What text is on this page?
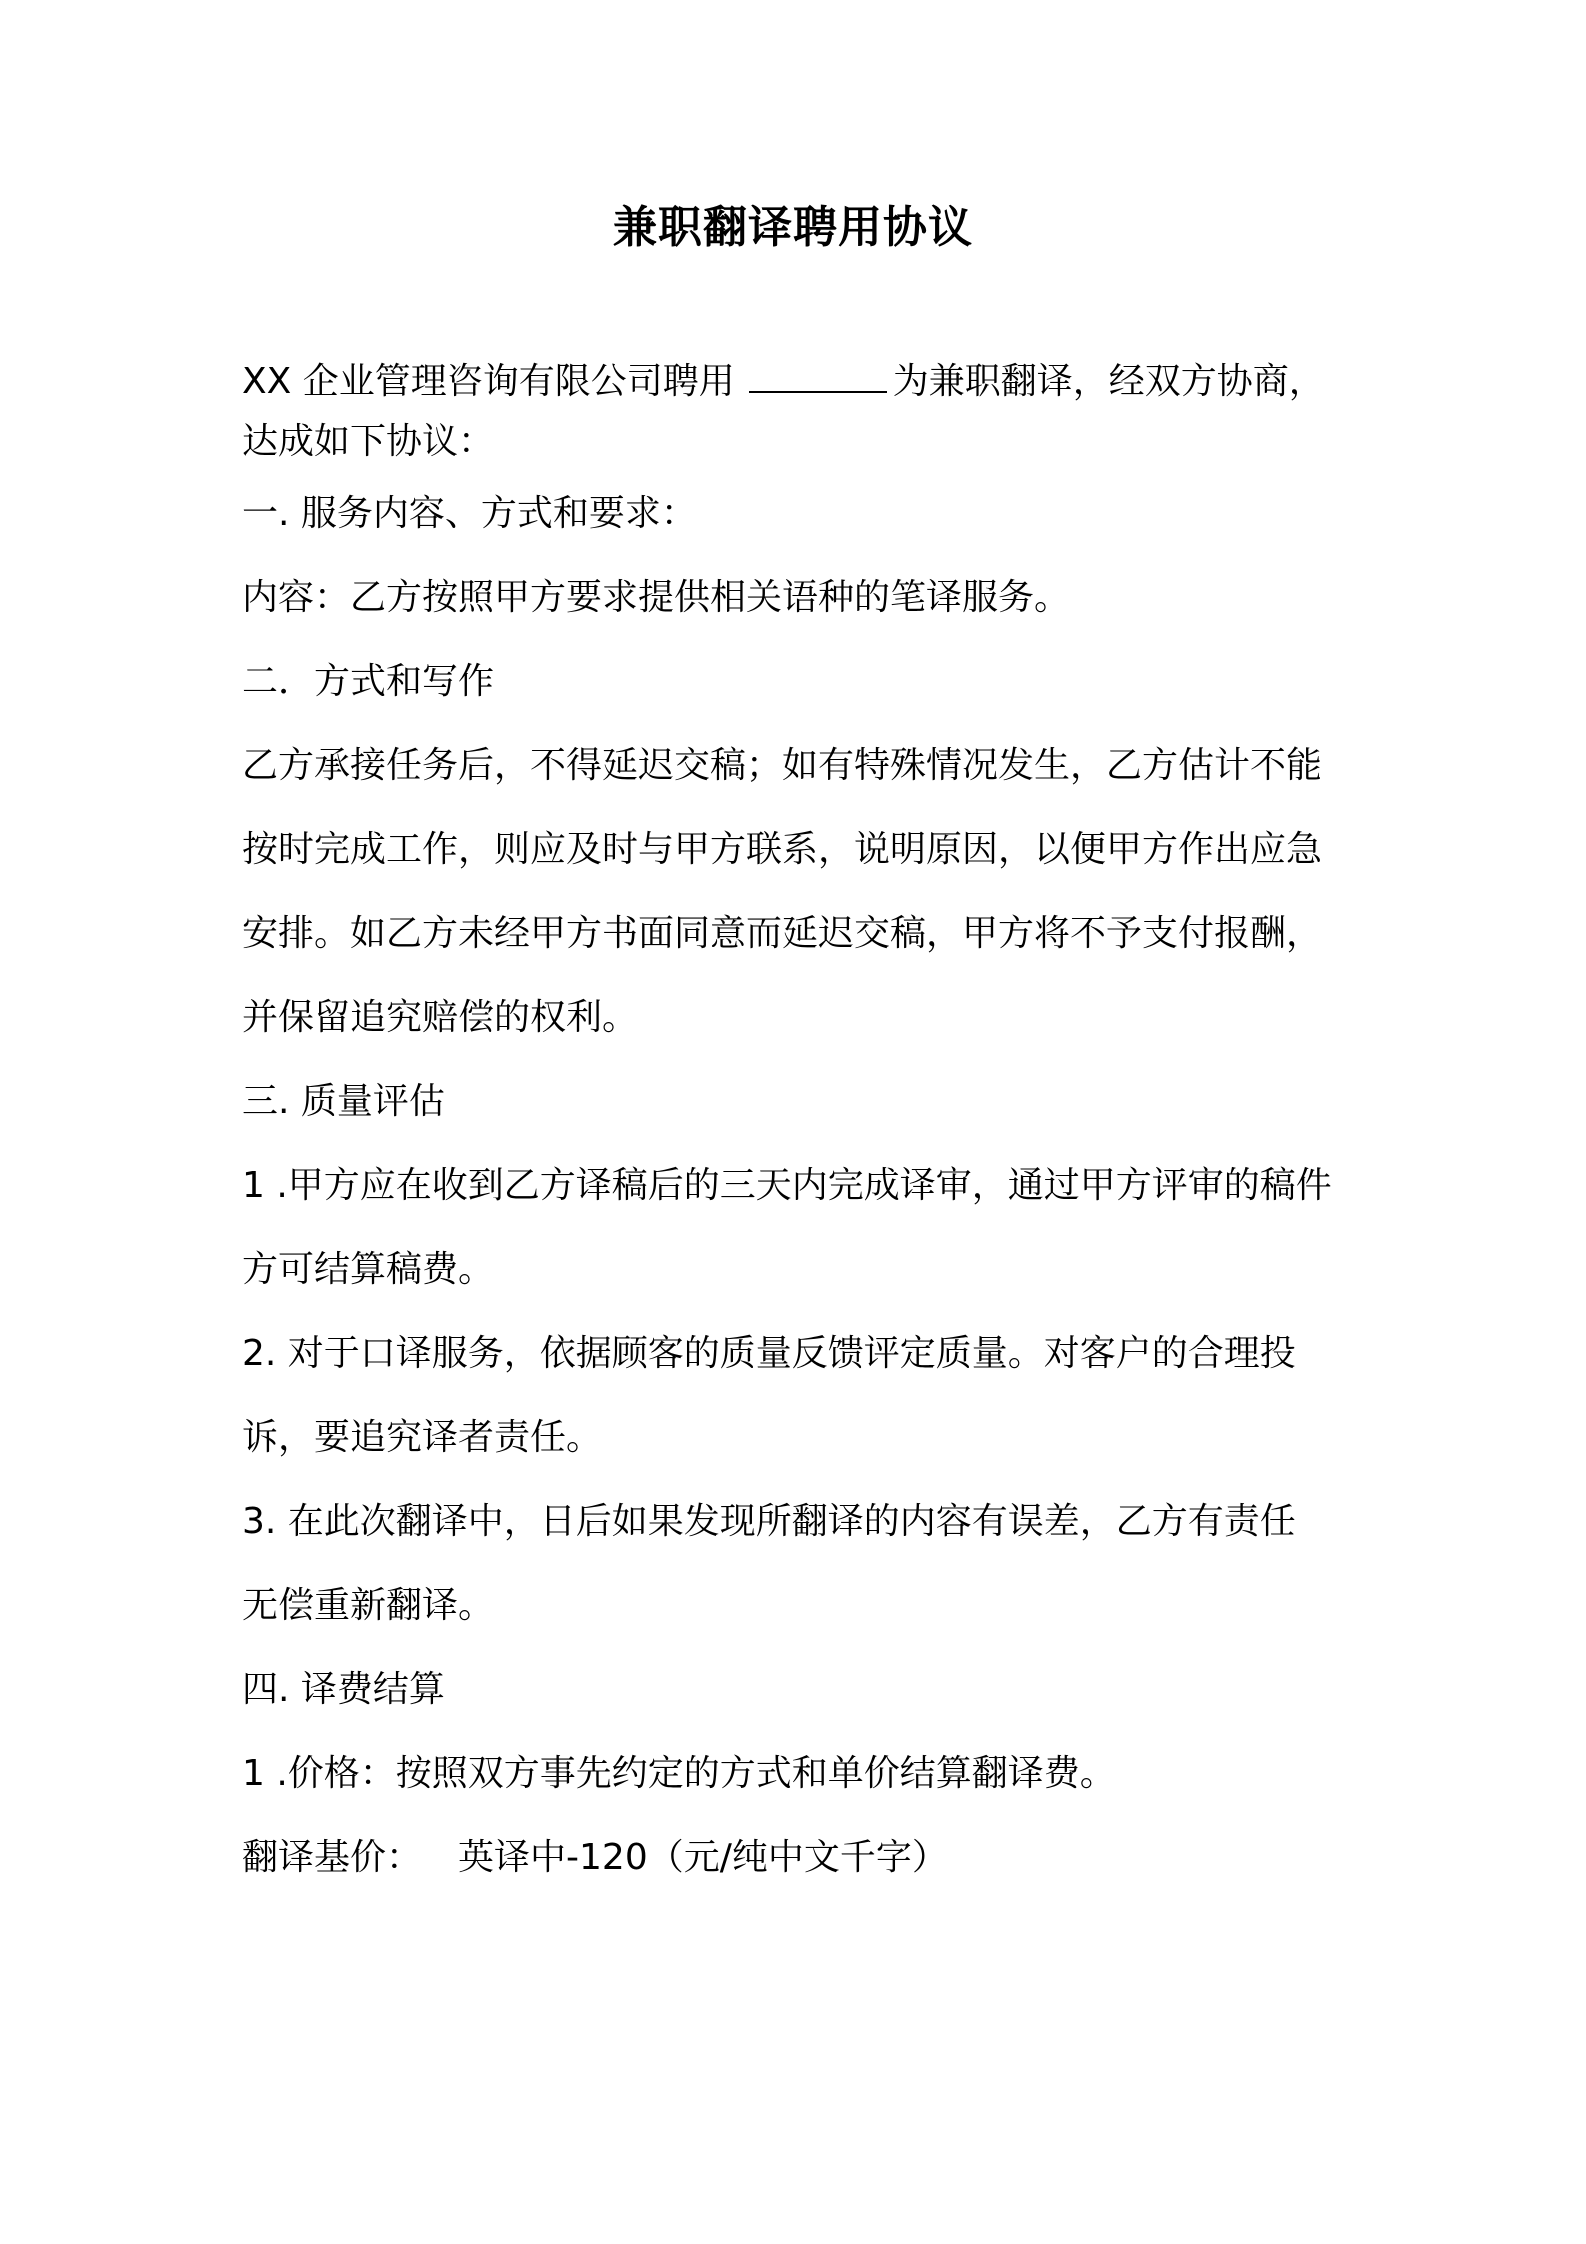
兼职翻译聘用协议
XX 企业管理咨询有限公司聘用	为兼职翻译，经双方协商，
达成如下协议：
一. 服务内容、方式和要求：
内容：乙方按照甲方要求提供相关语种的笔译服务。
二．方式和写作
乙方承接任务后，不得延迟交稿；如有特殊情况发生，乙方估计不能
按时完成工作，则应及时与甲方联系，说明原因，以便甲方作出应急
安排。如乙方未经甲方书面同意而延迟交稿，甲方将不予支付报酬，
并保留追究赔偿的权利。
三. 质量评估
1 .甲方应在收到乙方译稿后的三天内完成译审，通过甲方评审的稿件
方可结算稿费。
2. 对于口译服务，依据顾客的质量反馈评定质量。对客户的合理投
诉，要追究译者责任。
3. 在此次翻译中，日后如果发现所翻译的内容有误差，乙方有责任
无偿重新翻译。
四. 译费结算
1 .价格：按照双方事先约定的方式和单价结算翻译费。
翻译基价： 英译中-120（元/纯中文千字）
